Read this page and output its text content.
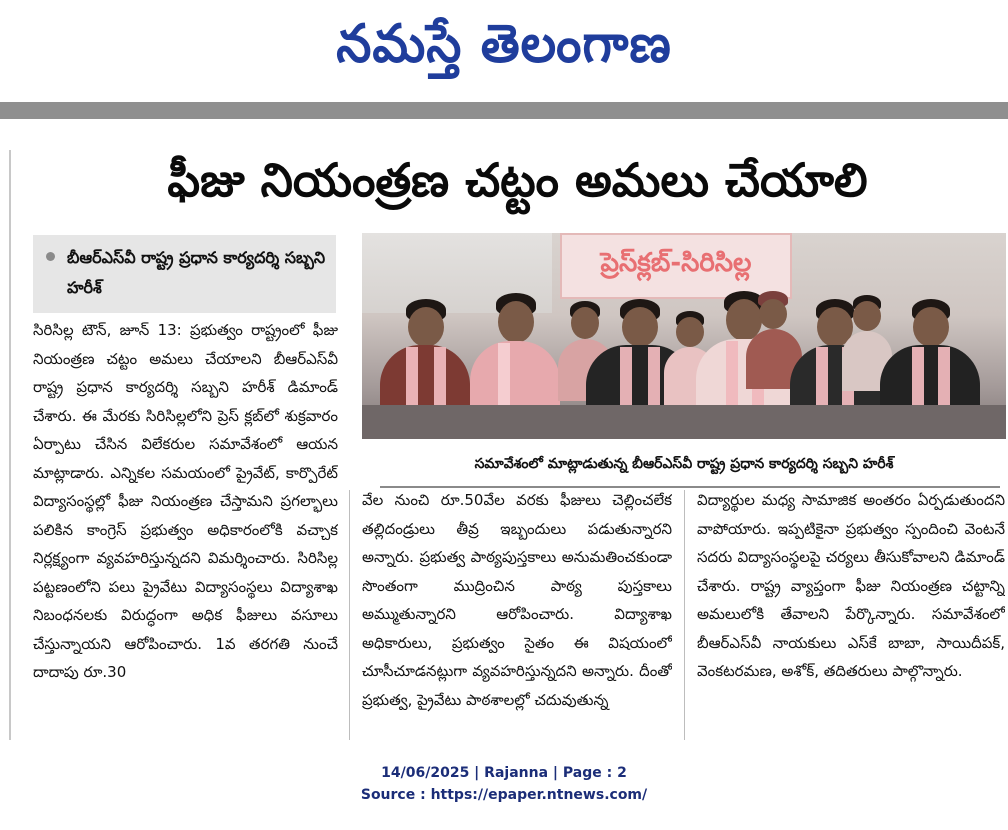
నమస్తే తెలంగాణ
ఫీజు నియంత్రణ చట్టం అమలు చేయాలి
బీఆర్‌ఎస్‌వీ రాష్ట్ర ప్రధాన కార్యదర్శి సబ్బని హరీశ్‌
ప్రెస్‌క్లబ్‌-సిరిసిల్ల
సమావేశంలో మాట్లాడుతున్న బీఆర్‌ఎస్‌వీ రాష్ట్ర ప్రధాన కార్యదర్శి సబ్బని హరీశ్‌

సిరిసిల్ల టౌన్‌, జూన్‌ 13: ప్రభుత్వం రాష్ట్రంలో ఫీజు నియంత్రణ చట్టం అమలు చేయాలని బీఆర్‌ఎస్‌వీ రాష్ట్ర ప్రధాన కార్యదర్శి సబ్బని హరీశ్‌ డిమాండ్‌ చేశారు. ఈ మేరకు సిరిసిల్లలోని ప్రెస్‌ క్లబ్‌లో శుక్రవారం ఏర్పాటు చేసిన విలేకరుల సమావేశంలో ఆయన మాట్లాడారు. ఎన్నికల సమయంలో ప్రైవేట్‌, కార్పొరేట్‌ విద్యాసంస్థల్లో ఫీజు నియంత్రణ చేస్తామని ప్రగల్భాలు పలికిన కాంగ్రెస్‌ ప్రభుత్వం అధికారంలోకి వచ్చాక నిర్లక్ష్యంగా వ్యవహరిస్తున్నదని విమర్శించారు. సిరిసిల్ల పట్టణంలోని పలు ప్రైవేటు విద్యాసంస్థలు విద్యాశాఖ నిబంధనలకు విరుద్ధంగా అధిక ఫీజులు వసూలు చేస్తున్నాయని ఆరోపించారు. 1వ తరగతి నుంచే దాదాపు రూ.30

వేల నుంచి రూ.50వేల వరకు ఫీజులు చెల్లించలేక తల్లిదండ్రులు తీవ్ర ఇబ్బందులు పడుతున్నారని అన్నారు. ప్రభుత్వ పాఠ్యపుస్తకాలు అనుమతించకుండా సొంతంగా ముద్రించిన పాఠ్య పుస్తకాలు అమ్ముతున్నారని ఆరోపించారు. విద్యాశాఖ అధికారులు, ప్రభుత్వం సైతం ఈ విషయంలో చూసీచూడనట్లుగా వ్యవహరిస్తున్నదని అన్నారు. దీంతో ప్రభుత్వ, ప్రైవేటు పాఠశాలల్లో చదువుతున్న

విద్యార్థుల మధ్య సామాజిక అంతరం ఏర్పడుతుందని వాపోయారు. ఇప్పటికైనా ప్రభుత్వం స్పందించి వెంటనే సదరు విద్యాసంస్థలపై చర్యలు తీసుకోవాలని డిమాండ్‌ చేశారు. రాష్ట్ర వ్యాప్తంగా ఫీజు నియంత్రణ చట్టాన్ని అమలులోకి తేవాలని పేర్కొన్నారు. సమావేశంలో బీఆర్‌ఎస్‌వీ నాయకులు ఎస్‌కే బాబా, సాయిదీపక్‌, వెంకటరమణ, అశోక్‌, తదితరులు పాల్గొన్నారు.

14/06/2025 | Rajanna | Page : 2
Source : https://epaper.ntnews.com/
